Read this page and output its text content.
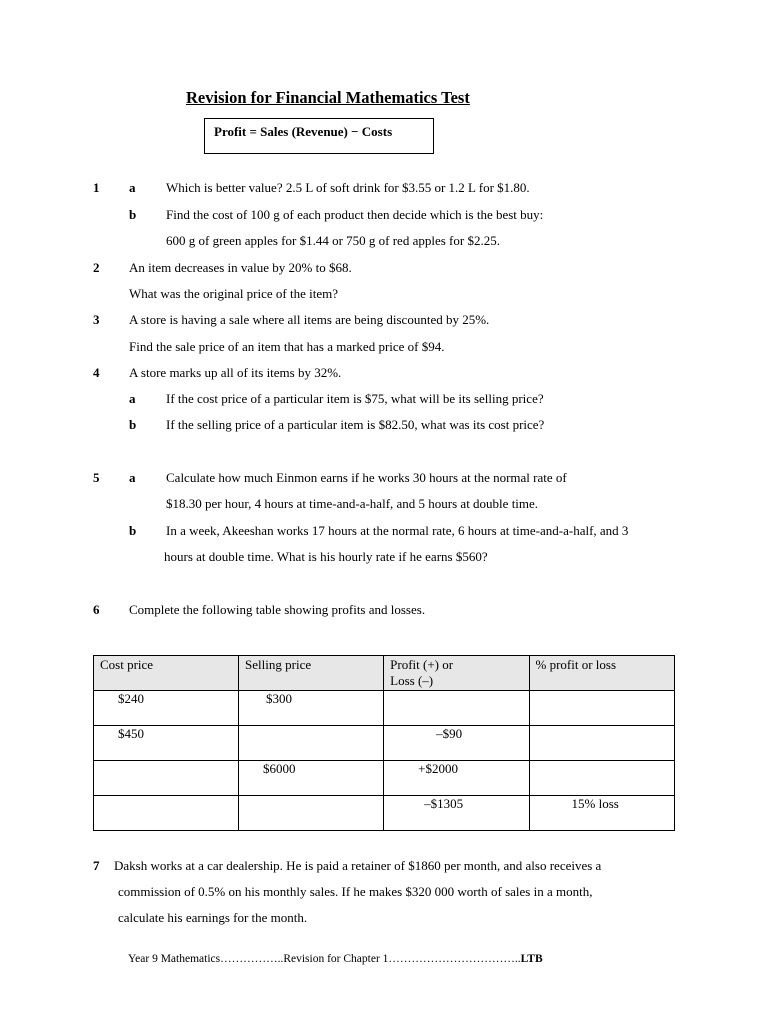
Revision for Financial Mathematics Test
Profit = Sales (Revenue) − Costs
1 a Which is better value? 2.5 L of soft drink for $3.55 or 1.2 L for $1.80.
b Find the cost of 100 g of each product then decide which is the best buy:
600 g of green apples for $1.44 or 750 g of red apples for $2.25.
2 An item decreases in value by 20% to $68.
What was the original price of the item?
3 A store is having a sale where all items are being discounted by 25%.
Find the sale price of an item that has a marked price of $94.
4 A store marks up all of its items by 32%.
a If the cost price of a particular item is $75, what will be its selling price?
b If the selling price of a particular item is $82.50, what was its cost price?
5 a Calculate how much Einmon earns if he works 30 hours at the normal rate of
$18.30 per hour, 4 hours at time-and-a-half, and 5 hours at double time.
b In a week, Akeeshan works 17 hours at the normal rate, 6 hours at time-and-a-half, and 3
hours at double time. What is his hourly rate if he earns $560?
6 Complete the following table showing profits and losses.
Cost price	Selling price	Profit (+) or
Loss (–)	% profit or loss

$240	$300		

$450		–$90	

	$6000	+$2000	

		–$1305	15% loss
7 Daksh works at a car dealership. He is paid a retainer of $1860 per month, and also receives a
commission of 0.5% on his monthly sales. If he makes $320 000 worth of sales in a month,
calculate his earnings for the month.
Year 9 Mathematics……………..Revision for Chapter 1……………………………..LTB
